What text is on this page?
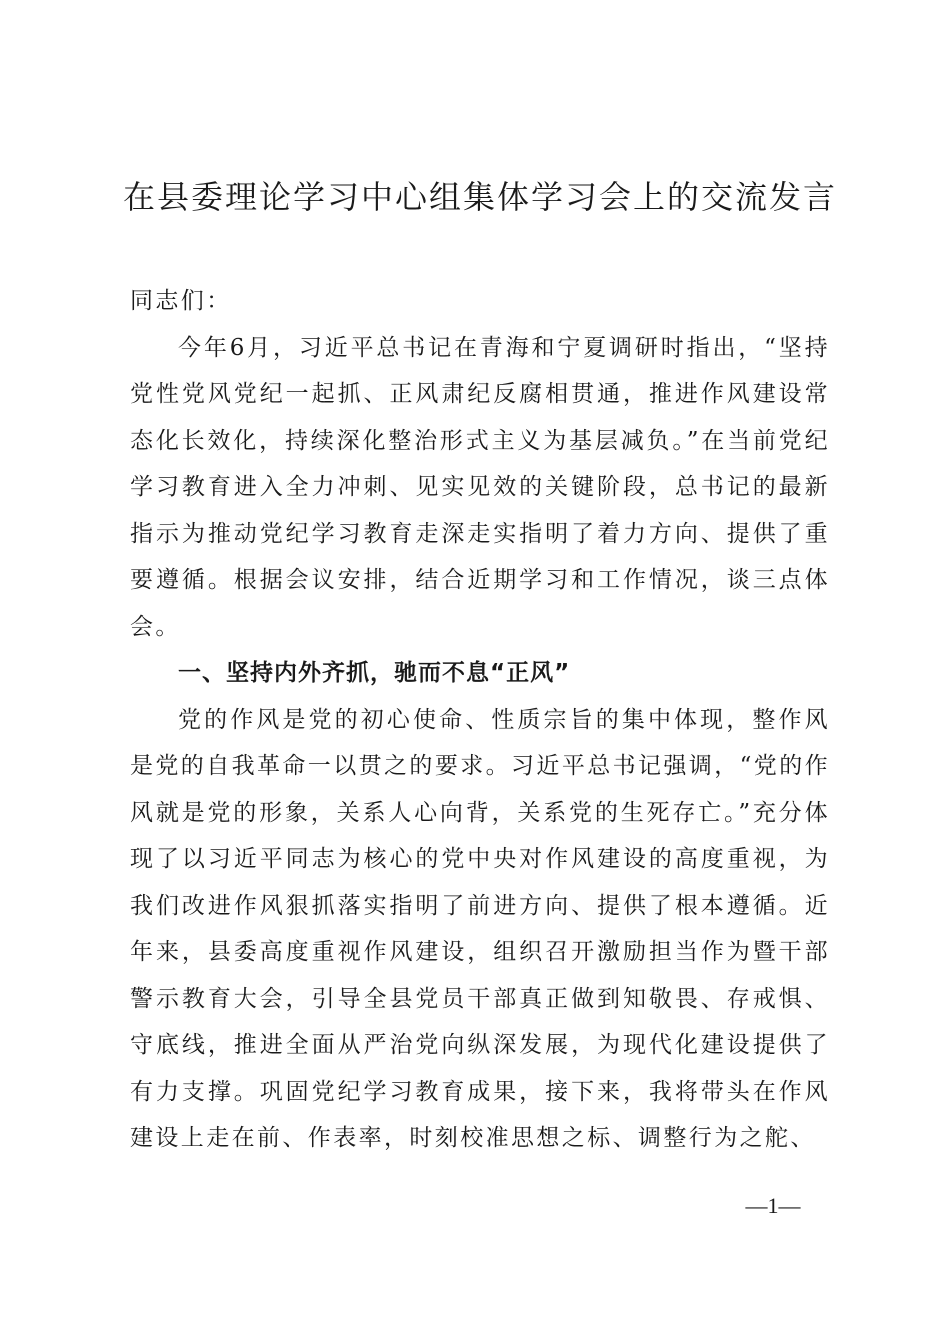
在县委理论学习中心组集体学习会上的交流发言

同志们：

今年6月，习近平总书记在青海和宁夏调研时指出，“坚持党性党风党纪一起抓、正风肃纪反腐相贯通，推进作风建设常态化长效化，持续深化整治形式主义为基层减负。”在当前党纪学习教育进入全力冲刺、见实见效的关键阶段，总书记的最新指示为推动党纪学习教育走深走实指明了着力方向、提供了重要遵循。根据会议安排，结合近期学习和工作情况，谈三点体会。

一、坚持内外齐抓，驰而不息“正风”

党的作风是党的初心使命、性质宗旨的集中体现，整作风是党的自我革命一以贯之的要求。习近平总书记强调，“党的作风就是党的形象，关系人心向背，关系党的生死存亡。”充分体现了以习近平同志为核心的党中央对作风建设的高度重视，为我们改进作风狠抓落实指明了前进方向、提供了根本遵循。近年来，县委高度重视作风建设，组织召开激励担当作为暨干部警示教育大会，引导全县党员干部真正做到知敬畏、存戒惧、守底线，推进全面从严治党向纵深发展，为现代化建设提供了有力支撑。巩固党纪学习教育成果，接下来，我将带头在作风建设上走在前、作表率，时刻校准思想之标、调整行为之舵、

—1—
